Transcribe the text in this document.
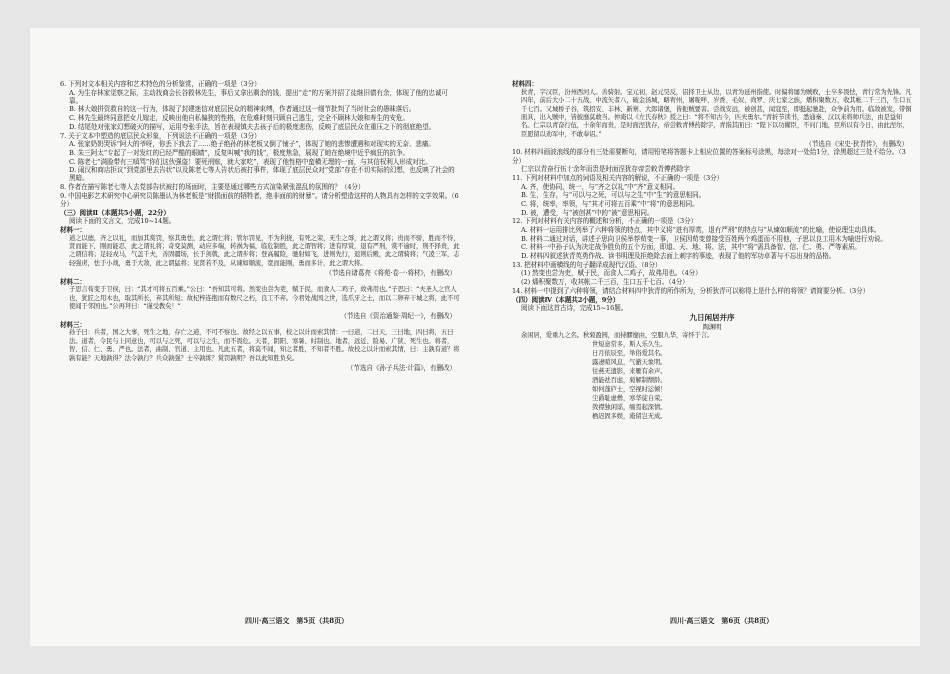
6. 下列对文本相关内容和艺术特色的分析鉴赏，正确的一项是（3分）

A. 为生存林家觉察之际，主动找商会长谷救林先生，事后又拿出剩余的钱，提出“走”的方案并招了徒继旧债有余，体现了他的忠诚可靠。

B. 林大娘拼资救自的这一行为，体现了封建迷信对底层民众的精神束缚，作者通过这一细节批判了当时社会的愚昧落后。

C. 林先生最终同意把女儿嫁走，反映出他自私偏狭的性格，在危难时刻只顾自己逃生，完全不顾林大娘和寿生的安危。

D. 结尾处对张家幻想破灭的描写，运用夸张手法，旨在表现镇夫去孩子后的极度悲伤，反映了底层民众在重压之下的彻底绝望。

7. 关于文本中塑造的底层民众形象，下列说法不正确的一项是（3分）

A. 张家奶奶哭诉“阿大的爷呀，你丢下我去了……绝子绝孙的林老板又倒了铺子”，体现了她的悲惨遭遇和对现实的无奈、悲痛。

B. 朱三阿太“专起了一对发红的已经严酷的眼睛”，反复叫喊“我的钱”，极度焦急，展现了她在绝境中近乎疯狂的抗争。

C. 陈老七“满脸带有三嗔骂”你们这伙强盗！要死刑账，就大家吃”，表现了他性格中蛮横无理的一面，与其信权利人形成对比。

D. 闹汉和商店拒议“到党部里去告状”以及陈老七等人告状后被打事件，体现了底层民众对“党部”存在不切实际的幻想，也反映了社会的黑暗。

8. 作者在描写陈老七等人去党部告状被打的场面时，主要是通过哪些方式渲染紧张混乱的氛围的？（4分）

9. 中国电影艺术研究中心研究员陈墨认为林老板是“财损面前的牺牲者，绝非面前的财暴”。请分析塑造这样的人物具有怎样的文学效果。（6分）

（三）阅读Ⅱ（本题共5小题，22分）

阅读下面的文言文，完成10~14题。

材料一：

道之以德，齐之以礼，而加其赏罚，察其勇怯，此之谓仁将；管尔罚见，不为利挠，有死之荣，无生之辱，此之谓义将；贵而不骄，胜而不恃，贤而能下，刚而能忍，此之谓礼将；奇变莫测，动应多端，转祸为福，临危制胜，此之谓智将；进有厚赏，退有严刑，赏不逾时，刑不择贵，此之谓信将；足轻戎马，气盖千夫，善固疆场，长于剑戟，此之谓步将；登高履险，驰射如飞，进则先行，退则后殿，此之谓骑将；气凌三军，志轻强虏，怯于小战，勇于大敌，此之谓猛将；见贤若不及，从谏如顺流，宽而能刚，勇而多计，此之谓大将。

（节选自诸葛亮《将苑·卷一·将材》，有删改）

材料二：

子思言荀变于卫侯，曰：“其才可将五百乘。”公曰：“吾知其可将。然变也尝为吏，赋于民，而食人二鸡子，故弗用也。”子思曰：“夫圣人之官人也，犹匠之用木也，取其所长，弃其所短；故杞梓连抱而有数尺之朽，良工不弃。今君处战国之世，选爪牙之士，而以二卵弃干城之将，此不可使闻于邻国也。”公再拜曰：“谨受教矣！”

（节选自《资治通鉴·周纪一》，有删改）

材料三：

孙子曰：兵者，国之大事，死生之地，存亡之道，不可不察也。故经之以五事，校之以计而索其情：一曰道，二曰天，三曰地，四曰将，五曰法。道者，令民与上同意也，可以与之死，可以与之生，而不畏危。天者，阴阳、寒暑、时制也。地者，远近、险易、广狭、死生也。将者，智、信、仁、勇、严也。法者，曲制、官道、主用也。凡此五者，将莫不闻，知之者胜，不知者不胜。故校之以计而索其情，曰：主孰有道？将孰有能？天地孰得？法令孰行？兵众孰强？士卒孰练？赏罚孰明？吾以此知胜负矣。

（节选自《孙子兵法·计篇》，有删改）

材料四：

狄青，字汉臣，汾州西河人。善骑射。宝元初，赵元昊反，诏择卫士从边，以青为延州指使。时偏将屡为贼败，士卒多畏怯，青行常为先锋。凡四年，前后大小二十五战，中流矢者八，破金汤城，略宥州，屠咙咩、岁香、毛奴、尚罗、庆七家之族，燔积聚数万，收其帐二千三百，生口五千七百。又城桥子谷，筑招安、丰林、新寨、大郎诸堡，皆扼贼要害。尝战安远，被创甚，闻寇至，即挺起驰赴，众争前为用。临敌被发，带铜面具，出入贼中，皆披靡莫敢当。仲淹以《左氏春秋》授之曰：“将不知古今，匹夫勇尔。”青折节读书，悉通秦、汉以来将帅兵法，由是益知名。仁宗以青奋行伍，十余年而贵，是时面涅犹存，帝尝敕青傅药除字，青指其面曰：“陛下以功擢臣，不问门地，臣所以有今日，由此涅尔，臣愿留以劝军中，不敢奉诏。”

（节选自《宋史·狄青传》，有删改）

10. 材料四画波浪线的部分有三处需要断句，请用铅笔将答题卡上相应位置的答案标号涂黑，每涂对一处给1分，涂黑超过三处不给分。（3分）

仁宗以青奋行伍十余年而贵是时面涅犹存帝尝敕青傅药除字

11. 下列对材料中加点的词语及相关内容的解说，不正确的一项是（3分）

A. 齐，使协同，统一，与“齐之以礼”中“齐”意义相同。

B. 生，生存，与“可以与之死，可以与之生”中“生”的意思相同。

C. 将，统率，率领，与“其才可将五百乘”中“将”的意思相同。

D. 被，遭受，与“被创甚”中的“被”意思相同。

12. 下列对材料有关内容的概述和分析，不正确的一项是（3分）

A. 材料一运用排比列举了六种将领的特点，其中义将“进有厚赏，退有严刑”的特点与“从谏如顺流”的比喻，使说理生动具体。

B. 材料二通过对话，讲述子思向卫侯举荐荀变一事，卫侯因荀变曾接受百姓两个鸡蛋而不用他，子思以良工用木为喻进行劝说。

C. 材料一中孙子认为决定战争胜负的五个方面，即道、天、地、将、法，其中“将”需具备智、信、仁、勇、严等素质。

D. 材料四叙述狄青英勇作战、读书明理及拒绝除去面上刺字的事迹，表现了他的军功卓著与不忘出身的品格。

13. 把材料中画横线的句子翻译成现代汉语。（8分）

(1) 然变也尝为吏，赋于民，而食人二鸡子，故弗用也。（4分）

(2) 燔积聚数万，收其帐二千三百，生口五千七百。（4分）

14. 材料一中提到了六种将领，请结合材料四中狄青的所作所为，分析狄青可以称得上是什么样的将领？请简要分析。（3分）

（四）阅读Ⅳ（本题共2小题，9分）

阅读下面这首古诗，完成15~16题。

九日闲居并序

陶渊明

余闲居，爱重九之名。秋菊盈园，而持醪靡由，空服九华，寄怀于言。

世短意常多，斯人乐久生。

日月依辰至，举俗爱其名。

露凄暄风息，气澈天象明。

往燕无遗影，来雁有余声。

酒能祛百虑，菊解制颓龄。

如何蓬庐士，空视时运倾！

尘爵耻虚罍，寒华徒自荣。

敛襟独闲谣，缅焉起深情。

栖迟固多娱，淹留岂无成。

四川·高三语文　第5页（共8页）	四川·高三语文　第6页（共8页）
